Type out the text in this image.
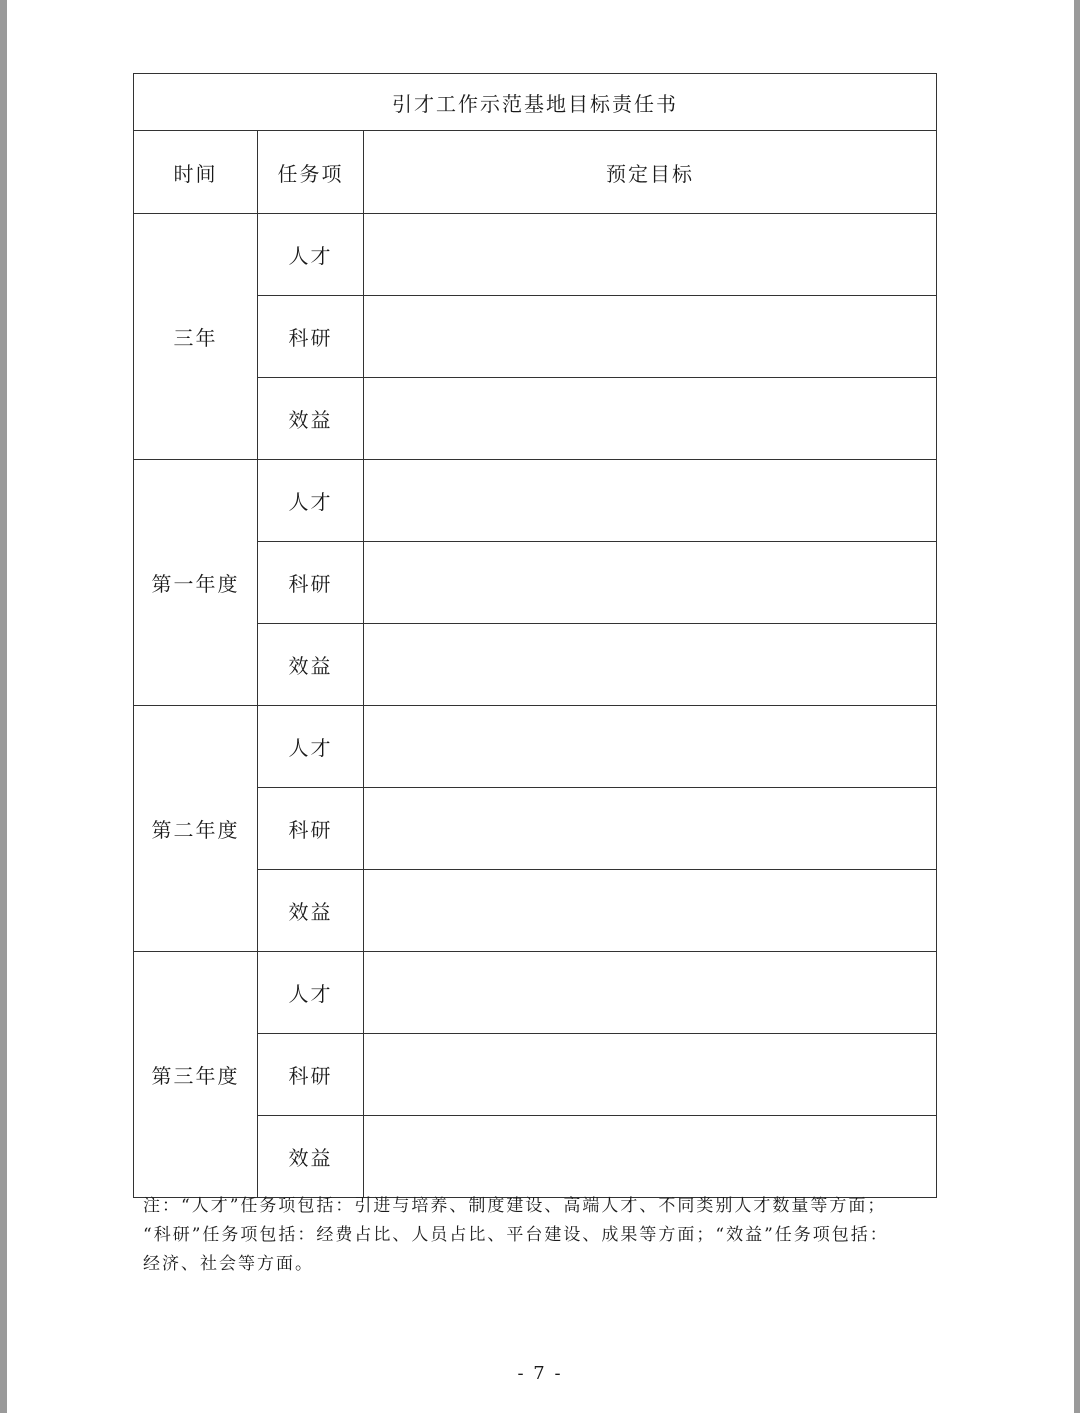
引才工作示范基地目标责任书		
时间	任务项	预定目标
三年	人才	
	科研	
	效益	
第一年度	人才	
	科研	
	效益	
第二年度	人才	
	科研	
	效益	
第三年度	人才	
	科研	
	效益	
注：“人才”任务项包括：引进与培养、制度建设、高端人才、不同类别人才数量等方面；
“科研”任务项包括：经费占比、人员占比、平台建设、成果等方面；“效益”任务项包括：
经济、社会等方面。
- 7 -
